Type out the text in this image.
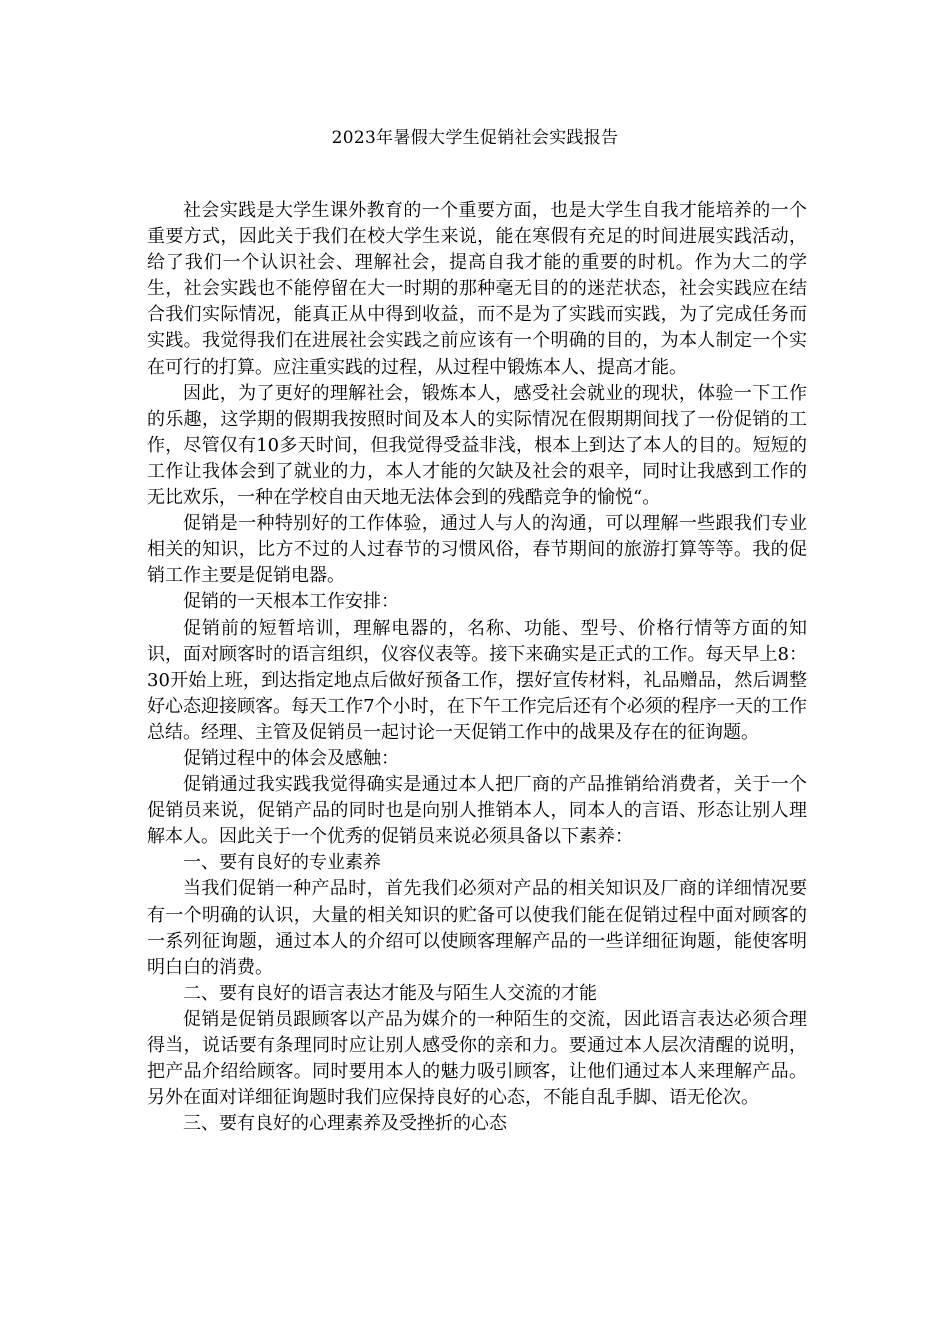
2023年暑假大学生促销社会实践报告

社会实践是大学生课外教育的一个重要方面，也是大学生自我才能培养的一个重要方式，因此关于我们在校大学生来说，能在寒假有充足的时间进展实践活动，给了我们一个认识社会、理解社会，提高自我才能的重要的时机。作为大二的学生，社会实践也不能停留在大一时期的那种毫无目的的迷茫状态，社会实践应在结合我们实际情况，能真正从中得到收益，而不是为了实践而实践，为了完成任务而实践。我觉得我们在进展社会实践之前应该有一个明确的目的，为本人制定一个实在可行的打算。应注重实践的过程，从过程中锻炼本人、提高才能。

因此，为了更好的理解社会，锻炼本人，感受社会就业的现状，体验一下工作的乐趣，这学期的假期我按照时间及本人的实际情况在假期期间找了一份促销的工作，尽管仅有10多天时间，但我觉得受益非浅，根本上到达了本人的目的。短短的工作让我体会到了就业的力，本人才能的欠缺及社会的艰辛，同时让我感到工作的无比欢乐，一种在学校自由天地无法体会到的残酷竞争的愉悦“。

促销是一种特别好的工作体验，通过人与人的沟通，可以理解一些跟我们专业相关的知识，比方不过的人过春节的习惯风俗，春节期间的旅游打算等等。我的促销工作主要是促销电器。

促销的一天根本工作安排：

促销前的短暂培训，理解电器的，名称、功能、型号、价格行情等方面的知识，面对顾客时的语言组织，仪容仪表等。接下来确实是正式的工作。每天早上8：30开始上班，到达指定地点后做好预备工作，摆好宣传材料，礼品赠品，然后调整好心态迎接顾客。每天工作7个小时，在下午工作完后还有个必须的程序一天的工作总结。经理、主管及促销员一起讨论一天促销工作中的战果及存在的征询题。

促销过程中的体会及感触：

促销通过我实践我觉得确实是通过本人把厂商的产品推销给消费者，关于一个促销员来说，促销产品的同时也是向别人推销本人，同本人的言语、形态让别人理解本人。因此关于一个优秀的促销员来说必须具备以下素养：

一、要有良好的专业素养

当我们促销一种产品时，首先我们必须对产品的相关知识及厂商的详细情况要有一个明确的认识，大量的相关知识的贮备可以使我们能在促销过程中面对顾客的一系列征询题，通过本人的介绍可以使顾客理解产品的一些详细征询题，能使客明明白白的消费。

二、要有良好的语言表达才能及与陌生人交流的才能

促销是促销员跟顾客以产品为媒介的一种陌生的交流，因此语言表达必须合理得当，说话要有条理同时应让别人感受你的亲和力。要通过本人层次清醒的说明，把产品介绍给顾客。同时要用本人的魅力吸引顾客，让他们通过本人来理解产品。另外在面对详细征询题时我们应保持良好的心态，不能自乱手脚、语无伦次。

三、要有良好的心理素养及受挫折的心态
